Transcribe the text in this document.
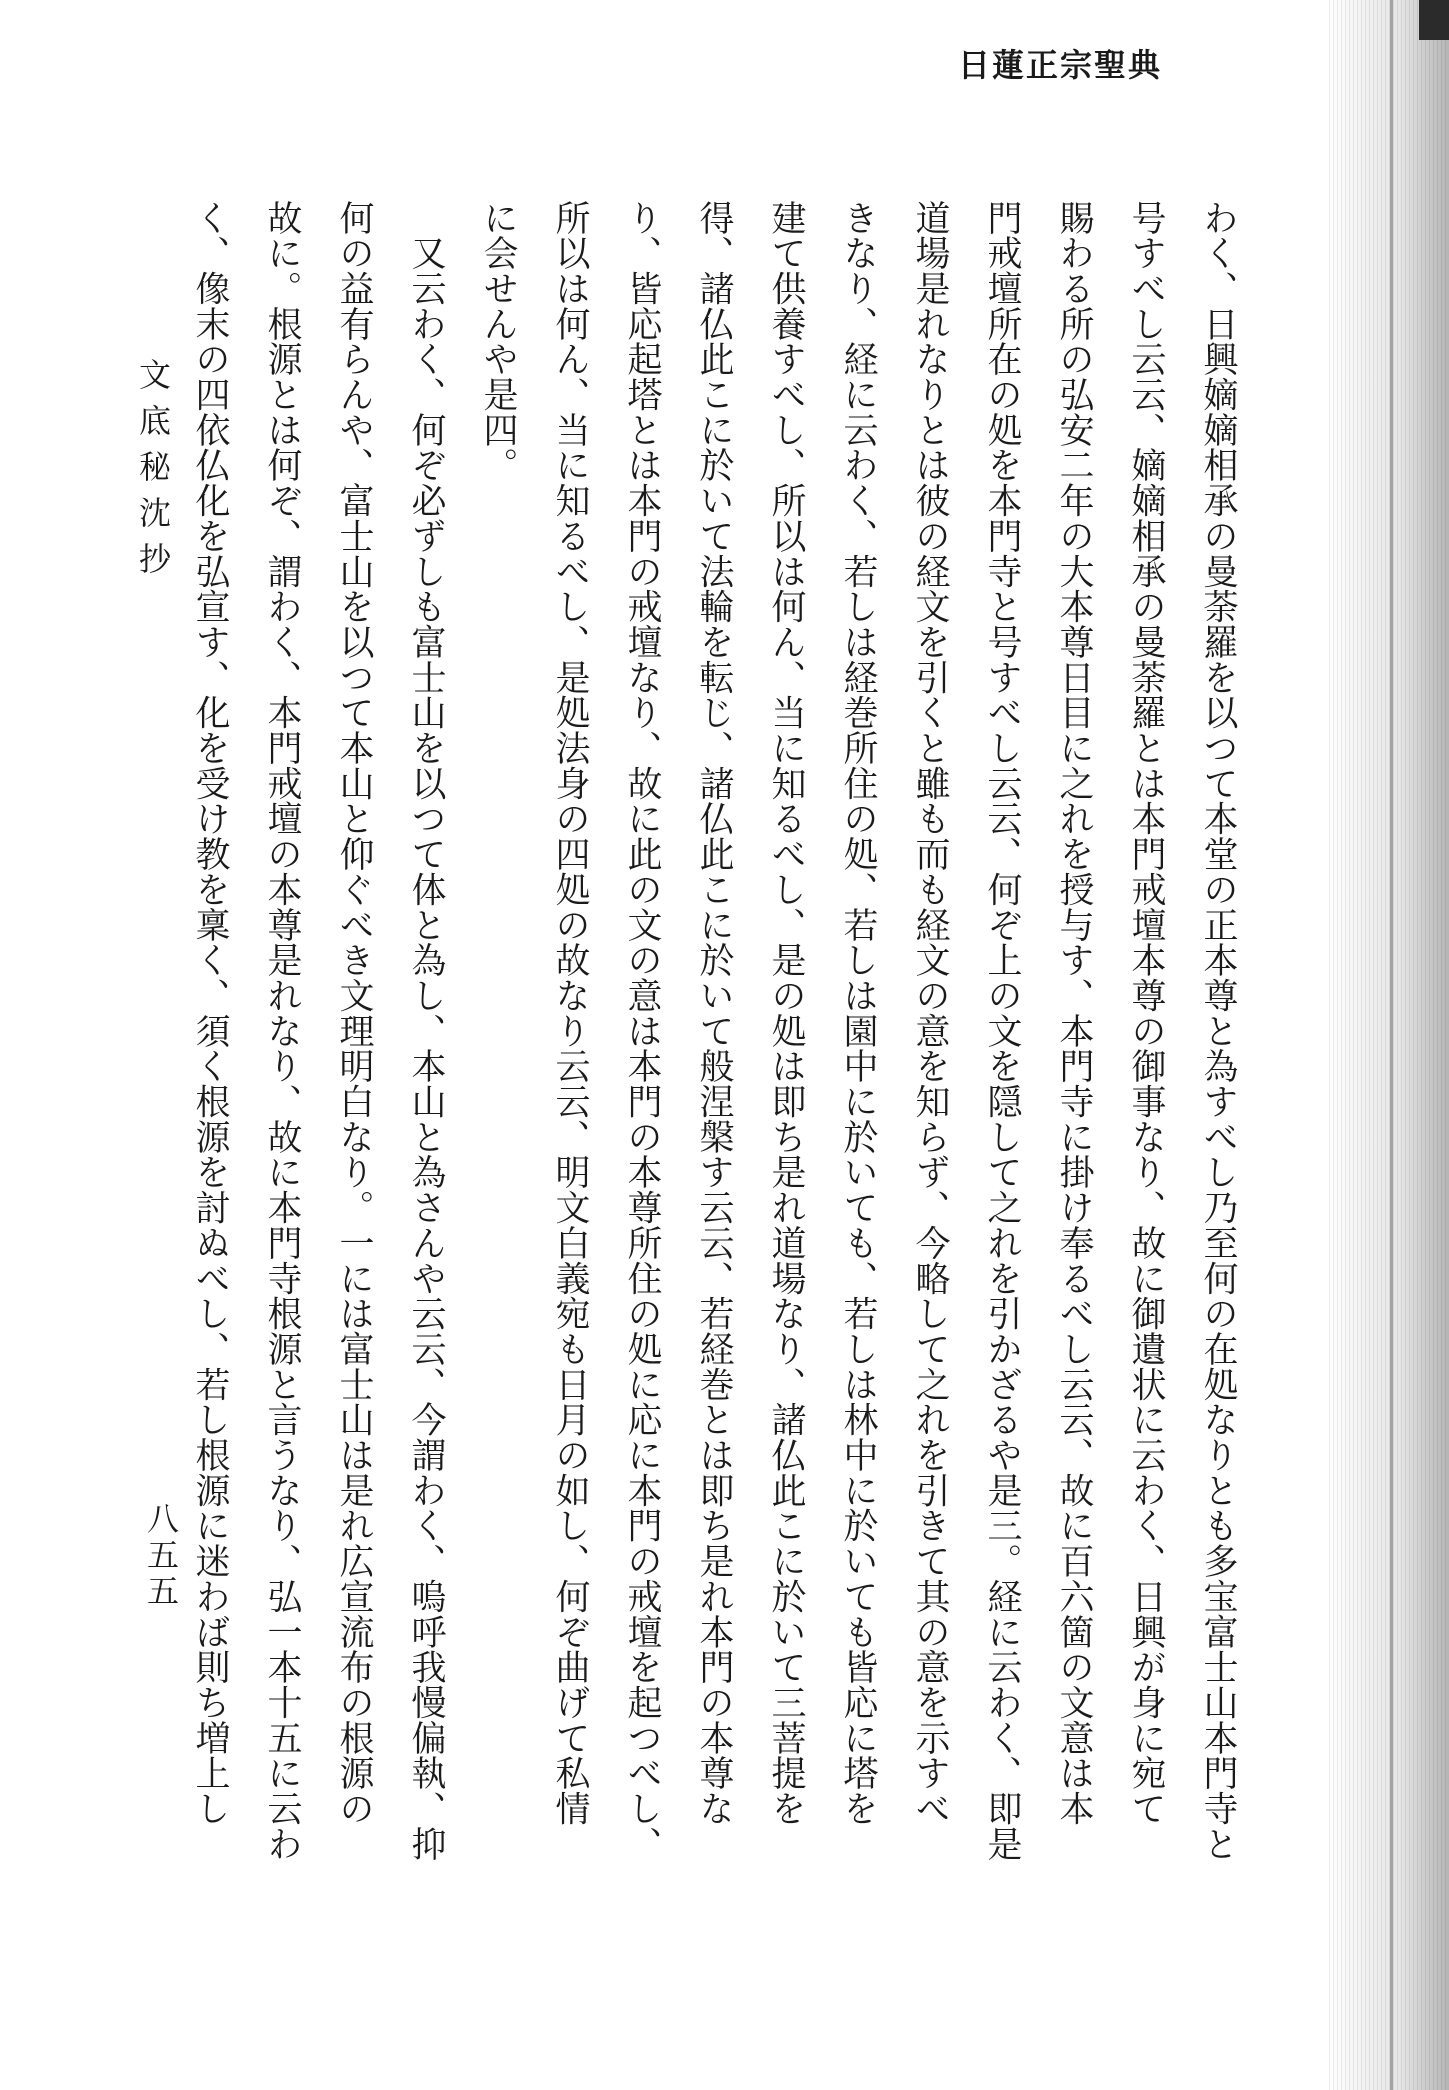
日蓮正宗聖典
わく、日興嫡嫡相承の曼荼羅を以つて本堂の正本尊と為すべし乃至何の在処なりとも多宝富士山本門寺と
号すべし云云、嫡嫡相承の曼荼羅とは本門戒壇本尊の御事なり、故に御遺状に云わく、日興が身に宛て
賜わる所の弘安二年の大本尊日目に之れを授与す、本門寺に掛け奉るべし云云、故に百六箇の文意は本
門戒壇所在の処を本門寺と号すべし云云、何ぞ上の文を隠して之れを引かざるや是三。経に云わく、即是
道場是れなりとは彼の経文を引くと雖も而も経文の意を知らず、今略して之れを引きて其の意を示すべ
きなり、経に云わく、若しは経巻所住の処、若しは園中に於いても、若しは林中に於いても皆応に塔を
建て供養すべし、所以は何ん、当に知るべし、是の処は即ち是れ道場なり、諸仏此こに於いて三菩提を
得、諸仏此こに於いて法輪を転じ、諸仏此こに於いて般涅槃す云云、若経巻とは即ち是れ本門の本尊な
り、皆応起塔とは本門の戒壇なり、故に此の文の意は本門の本尊所住の処に応に本門の戒壇を起つべし、
所以は何ん、当に知るべし、是処法身の四処の故なり云云、明文白義宛も日月の如し、何ぞ曲げて私情
に会せんや是四。
　又云わく、何ぞ必ずしも富士山を以つて体と為し、本山と為さんや云云、今謂わく、嗚呼我慢偏執、抑
何の益有らんや、富士山を以つて本山と仰ぐべき文理明白なり。一には富士山は是れ広宣流布の根源の
故に。根源とは何ぞ、謂わく、本門戒壇の本尊是れなり、故に本門寺根源と言うなり、弘一本十五に云わ
く、像末の四依仏化を弘宣す、化を受け教を稟く、須く根源を討ぬべし、若し根源に迷わば則ち増上し
文底秘沈抄
八五五
